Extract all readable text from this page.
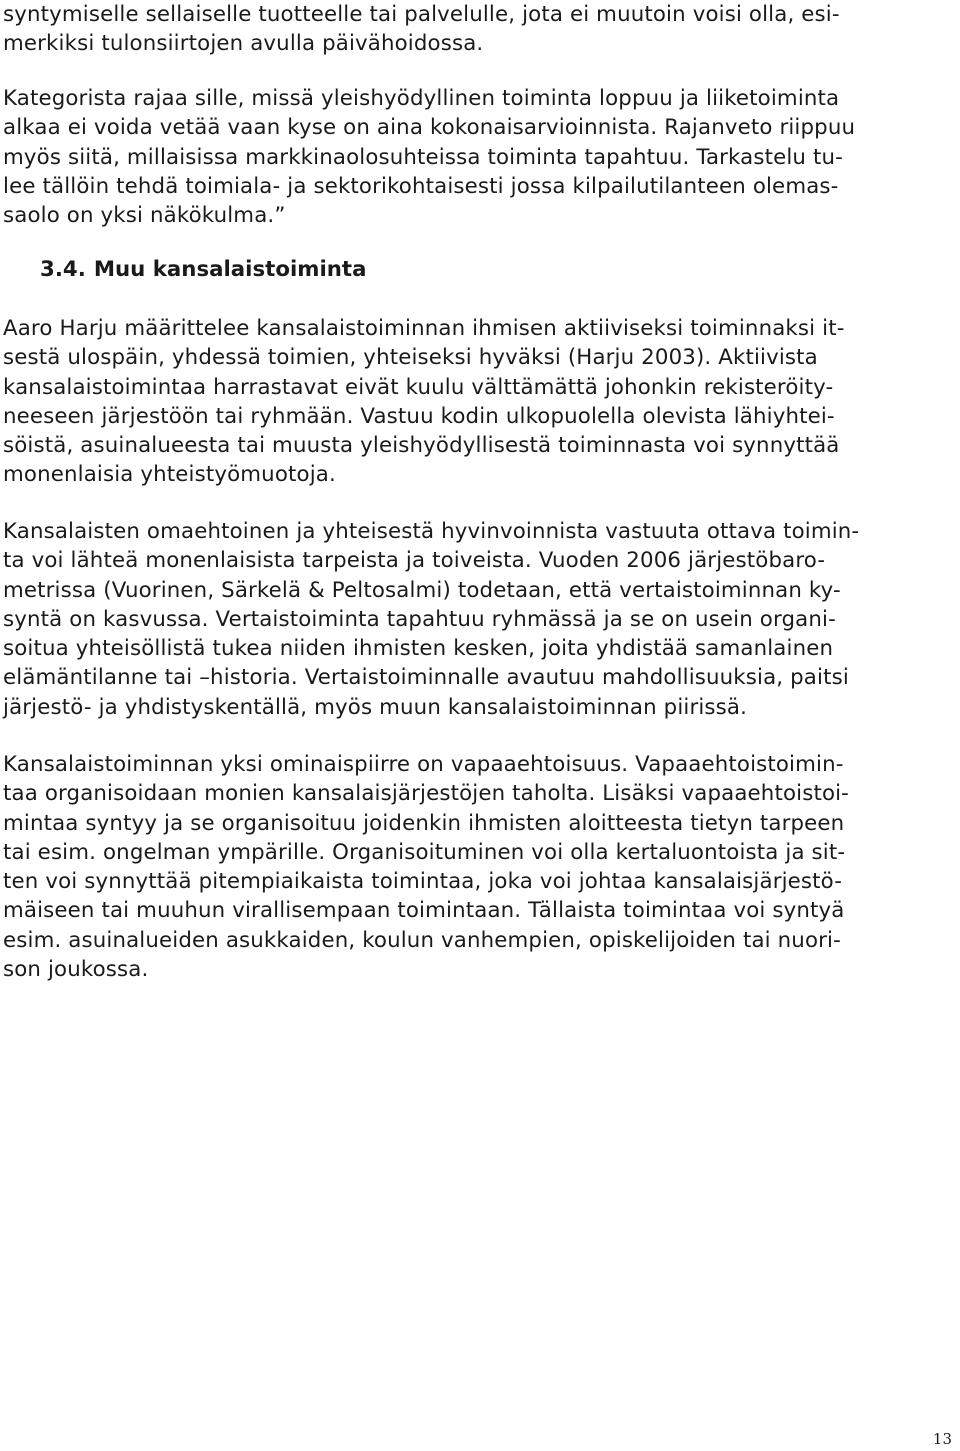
syntymiselle sellaiselle tuotteelle tai palvelulle, jota ei muutoin voisi olla, esi-
merkiksi tulonsiirtojen avulla päivähoidossa.
Kategorista rajaa sille, missä yleishyödyllinen toiminta loppuu ja liiketoiminta
alkaa ei voida vetää vaan kyse on aina kokonaisarvioinnista. Rajanveto riippuu
myös siitä, millaisissa markkinaolosuhteissa toiminta tapahtuu. Tarkastelu tu-
lee tällöin tehdä toimiala- ja sektorikohtaisesti jossa kilpailutilanteen olemas-
saolo on yksi näkökulma.”
3.4. Muu kansalaistoiminta
Aaro Harju määrittelee kansalaistoiminnan ihmisen aktiiviseksi toiminnaksi it-
sestä ulospäin, yhdessä toimien, yhteiseksi hyväksi (Harju 2003). Aktiivista
kansalaistoimintaa harrastavat eivät kuulu välttämättä johonkin rekisteröity-
neeseen järjestöön tai ryhmään. Vastuu kodin ulkopuolella olevista lähiyhtei-
söistä, asuinalueesta tai muusta yleishyödyllisestä toiminnasta voi synnyttää
monenlaisia yhteistyömuotoja.
Kansalaisten omaehtoinen ja yhteisestä hyvinvoinnista vastuuta ottava toimin-
ta voi lähteä monenlaisista tarpeista ja toiveista. Vuoden 2006 järjestöbaro-
metrissa (Vuorinen, Särkelä & Peltosalmi) todetaan, että vertaistoiminnan ky-
syntä on kasvussa. Vertaistoiminta tapahtuu ryhmässä ja se on usein organi-
soitua yhteisöllistä tukea niiden ihmisten kesken, joita yhdistää samanlainen
elämäntilanne tai –historia. Vertaistoiminnalle avautuu mahdollisuuksia, paitsi
järjestö- ja yhdistyskentällä, myös muun kansalaistoiminnan piirissä.
Kansalaistoiminnan yksi ominaispiirre on vapaaehtoisuus. Vapaaehtoistoimin-
taa organisoidaan monien kansalaisjärjestöjen taholta. Lisäksi vapaaehtoistoi-
mintaa syntyy ja se organisoituu joidenkin ihmisten aloitteesta tietyn tarpeen
tai esim. ongelman ympärille. Organisoituminen voi olla kertaluontoista ja sit-
ten voi synnyttää pitempiaikaista toimintaa, joka voi johtaa kansalaisjärjestö-
mäiseen tai muuhun virallisempaan toimintaan. Tällaista toimintaa voi syntyä
esim. asuinalueiden asukkaiden, koulun vanhempien, opiskelijoiden tai nuori-
son joukossa.
13
